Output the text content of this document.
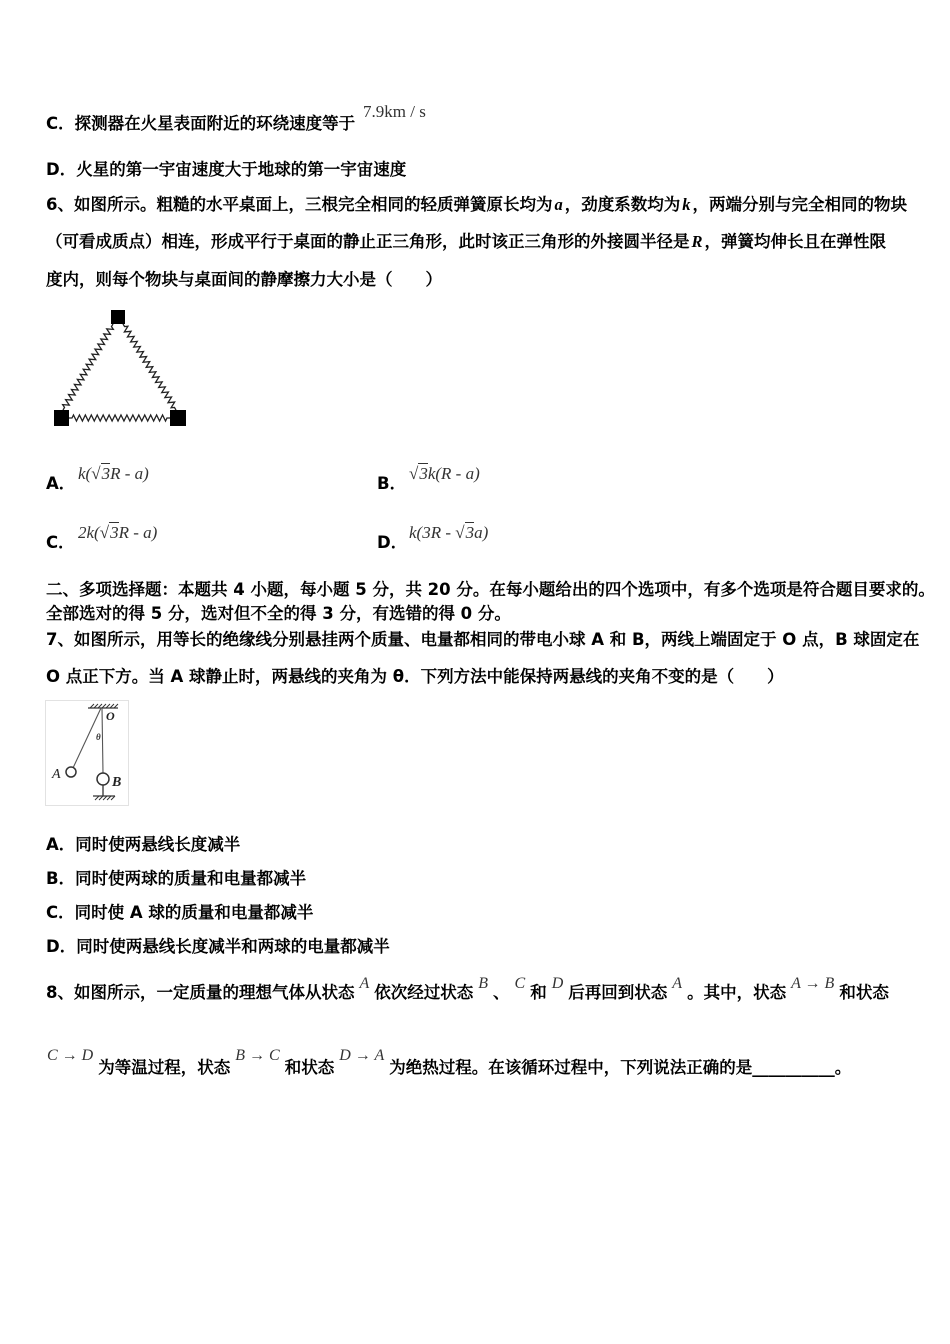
C．探测器在火星表面附近的环绕速度等于
7.9km / s
D．火星的第一宇宙速度大于地球的第一宇宙速度
6、如图所示。粗糙的水平桌面上，三根完全相同的轻质弹簧原长均为 a ，劲度系数均为 k ，两端分别与完全相同的物块
（可看成质点）相连，形成平行于桌面的静止正三角形，此时该正三角形的外接圆半径是 R ，弹簧均伸长且在弹性限
度内，则每个物块与桌面间的静摩擦力大小是（　　）
A．
k(√3R - a)
B．
√3k(R - a)
C．
2k(√3R - a)
D．
k(3R - √3a)
二、多项选择题：本题共 4 小题，每小题 5 分，共 20 分。在每小题给出的四个选项中，有多个选项是符合题目要求的。
全部选对的得 5 分，选对但不全的得 3 分，有选错的得 0 分。
7、如图所示，用等长的绝缘线分别悬挂两个质量、电量都相同的带电小球 A 和 B，两线上端固定于 O 点，B 球固定在
O 点正下方。当 A 球静止时，两悬线的夹角为 θ．下列方法中能保持两悬线的夹角不变的是（　　）
O
θ
A
B
A．同时使两悬线长度减半
B．同时使两球的质量和电量都减半
C．同时使 A 球的质量和电量都减半
D．同时使两悬线长度减半和两球的电量都减半
8、如图所示，一定质量的理想气体从状态 A 依次经过状态 B 、 C 和 D 后再回到状态 A 。其中，状态 A → B 和状态
C → D为等温过程，状态B → C和状态D → A为绝热过程。在该循环过程中，下列说法正确的是__________。
